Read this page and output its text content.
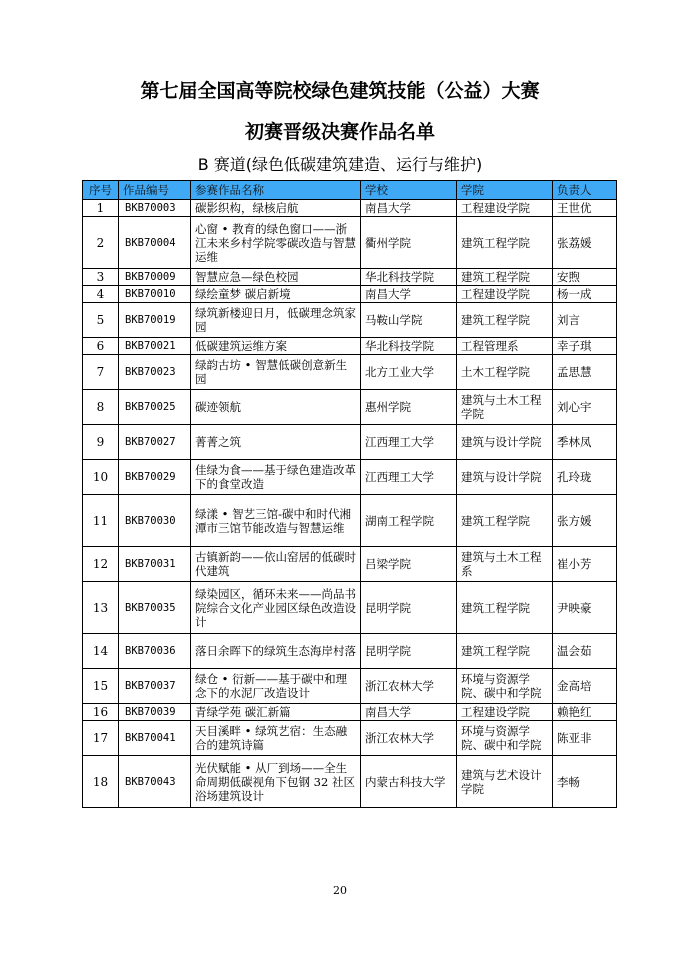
第七届全国高等院校绿色建筑技能（公益）大赛
初赛晋级决赛作品名单
B 赛道(绿色低碳建筑建造、运行与维护)
序号	作品编号	参赛作品名称	学校	学院	负责人
1	BKB70003	碳影织构，绿核启航	南昌大学	工程建设学院	王世优
2	BKB70004	心窗 • 教育的绿色窗口——浙江未来乡村学院零碳改造与智慧运维	衢州学院	建筑工程学院	张荔媛
3	BKB70009	智慧应急—绿色校园	华北科技学院	建筑工程学院	安煦
4	BKB70010	绿绘童梦 碳启新境	南昌大学	工程建设学院	杨一成
5	BKB70019	绿筑新楼迎日月，低碳理念筑家园	马鞍山学院	建筑工程学院	刘言
6	BKB70021	低碳建筑运维方案	华北科技学院	工程管理系	幸子琪
7	BKB70023	绿韵古坊 • 智慧低碳创意新生园	北方工业大学	土木工程学院	孟思慧
8	BKB70025	碳迹领航	惠州学院	建筑与土木工程学院	刘心宇
9	BKB70027	菁菁之筑	江西理工大学	建筑与设计学院	季林凤
10	BKB70029	佳绿为食——基于绿色建造改革下的食堂改造	江西理工大学	建筑与设计学院	孔玲珑
11	BKB70030	绿漾 • 智艺三馆-碳中和时代湘潭市三馆节能改造与智慧运维	湖南工程学院	建筑工程学院	张方媛
12	BKB70031	古镇新韵——依山窑居的低碳时代建筑	吕梁学院	建筑与土木工程系	崔小芳
13	BKB70035	绿染园区，循环未来——尚品书院综合文化产业园区绿色改造设计	昆明学院	建筑工程学院	尹映豪
14	BKB70036	落日余晖下的绿筑生态海岸村落	昆明学院	建筑工程学院	温会茹
15	BKB70037	绿仓 • 衍新——基于碳中和理念下的水泥厂改造设计	浙江农林大学	环境与资源学院、碳中和学院	金高培
16	BKB70039	青绿学苑 碳汇新篇	南昌大学	工程建设学院	赖艳红
17	BKB70041	天目溪畔 • 绿筑艺宿：生态融合的建筑诗篇	浙江农林大学	环境与资源学院、碳中和学院	陈亚非
18	BKB70043	光伏赋能 • 从厂到场——全生命周期低碳视角下包钢 32 社区浴场建筑设计	内蒙古科技大学	建筑与艺术设计学院	李畅
20
